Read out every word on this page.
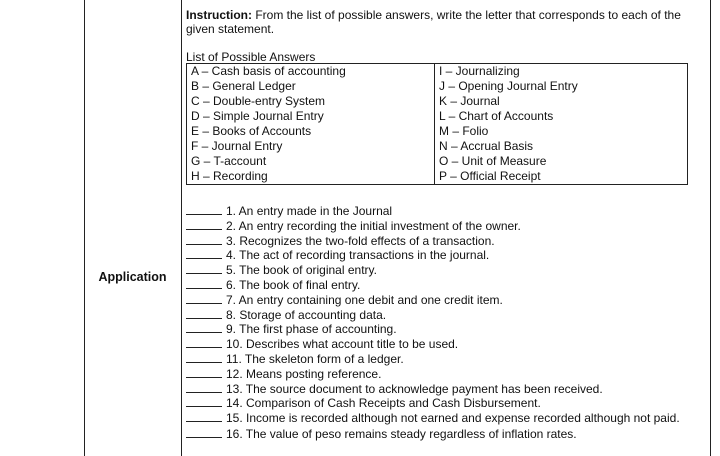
Application

Instruction: From the list of possible answers, write the letter that corresponds to each of the given statement.

List of Possible Answers
A – Cash basis of accounting	I – Journalizing
B – General Ledger	J – Opening Journal Entry
C – Double-entry System	K – Journal
D – Simple Journal Entry	L – Chart of Accounts
E – Books of Accounts	M – Folio
F – Journal Entry	N – Accrual Basis
G – T-account	O – Unit of Measure
H – Recording	P – Official Receipt
1. An entry made in the Journal
2. An entry recording the initial investment of the owner.
3. Recognizes the two-fold effects of a transaction.
4. The act of recording transactions in the journal.
5. The book of original entry.
6. The book of final entry.
7. An entry containing one debit and one credit item.
8. Storage of accounting data.
9. The first phase of accounting.
10. Describes what account title to be used.
11. The skeleton form of a ledger.
12. Means posting reference.
13. The source document to acknowledge payment has been received.
14. Comparison of Cash Receipts and Cash Disbursement.
15. Income is recorded although not earned and expense recorded although not paid.
16. The value of peso remains steady regardless of inflation rates.
